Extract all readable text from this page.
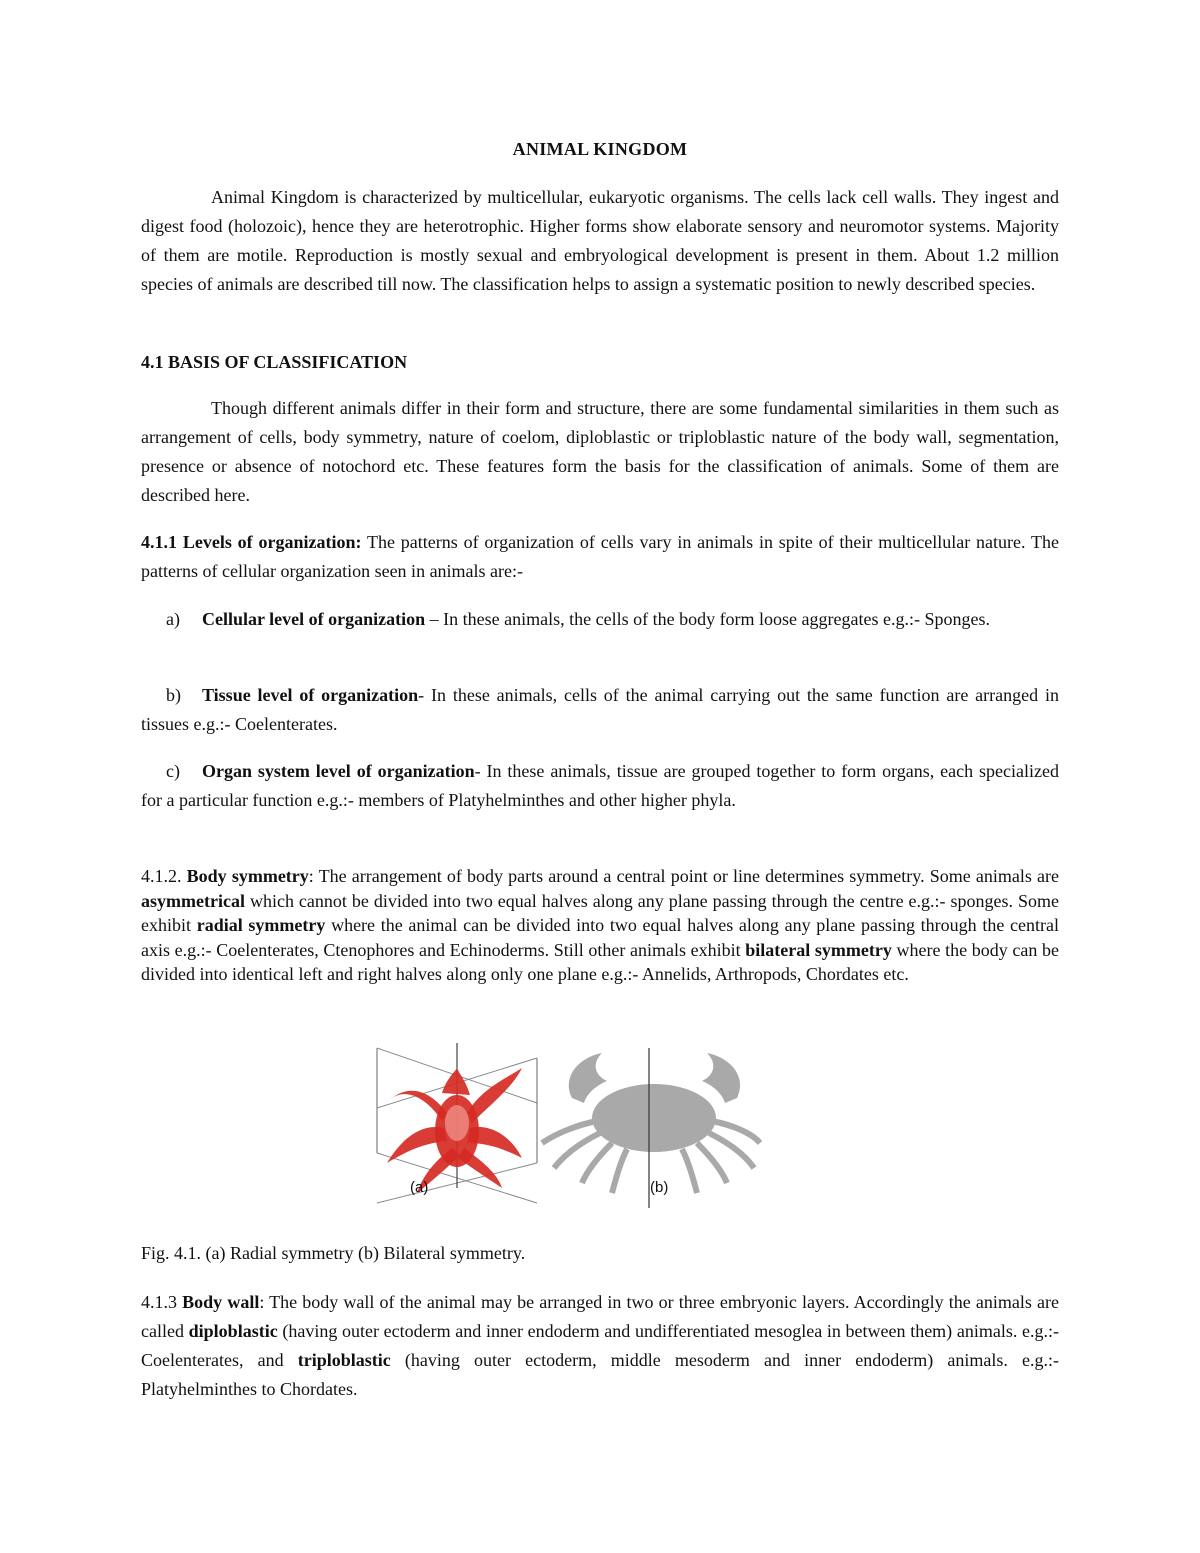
ANIMAL KINGDOM

Animal Kingdom is characterized by multicellular, eukaryotic organisms. The cells lack cell walls. They ingest and digest food (holozoic), hence they are heterotrophic. Higher forms show elaborate sensory and neuromotor systems. Majority of them are motile. Reproduction is mostly sexual and embryological development is present in them. About 1.2 million species of animals are described till now. The classification helps to assign a systematic position to newly described species.

4.1 BASIS OF CLASSIFICATION

Though different animals differ in their form and structure, there are some fundamental similarities in them such as arrangement of cells, body symmetry, nature of coelom, diploblastic or triploblastic nature of the body wall, segmentation, presence or absence of notochord etc. These features form the basis for the classification of animals. Some of them are described here.

4.1.1 Levels of organization: The patterns of organization of cells vary in animals in spite of their multicellular nature. The patterns of cellular organization seen in animals are:-

a) Cellular level of organization – In these animals, the cells of the body form loose aggregates e.g.:- Sponges.
b) Tissue level of organization- In these animals, cells of the animal carrying out the same function are arranged in tissues e.g.:- Coelenterates.
c) Organ system level of organization- In these animals, tissue are grouped together to form organs, each specialized for a particular function e.g.:- members of Platyhelminthes and other higher phyla.

4.1.2. Body symmetry: The arrangement of body parts around a central point or line determines symmetry. Some animals are asymmetrical which cannot be divided into two equal halves along any plane passing through the centre e.g.:- sponges. Some exhibit radial symmetry where the animal can be divided into two equal halves along any plane passing through the central axis e.g.:- Coelenterates, Ctenophores and Echinoderms. Still other animals exhibit bilateral symmetry where the body can be divided into identical left and right halves along only one plane e.g.:- Annelids, Arthropods, Chordates etc.

(a)	(b)
Fig. 4.1. (a) Radial symmetry (b) Bilateral symmetry.

4.1.3 Body wall: The body wall of the animal may be arranged in two or three embryonic layers. Accordingly the animals are called diploblastic (having outer ectoderm and inner endoderm and undifferentiated mesoglea in between them) animals. e.g.:- Coelenterates, and triploblastic (having outer ectoderm, middle mesoderm and inner endoderm) animals. e.g.:- Platyhelminthes to Chordates.
